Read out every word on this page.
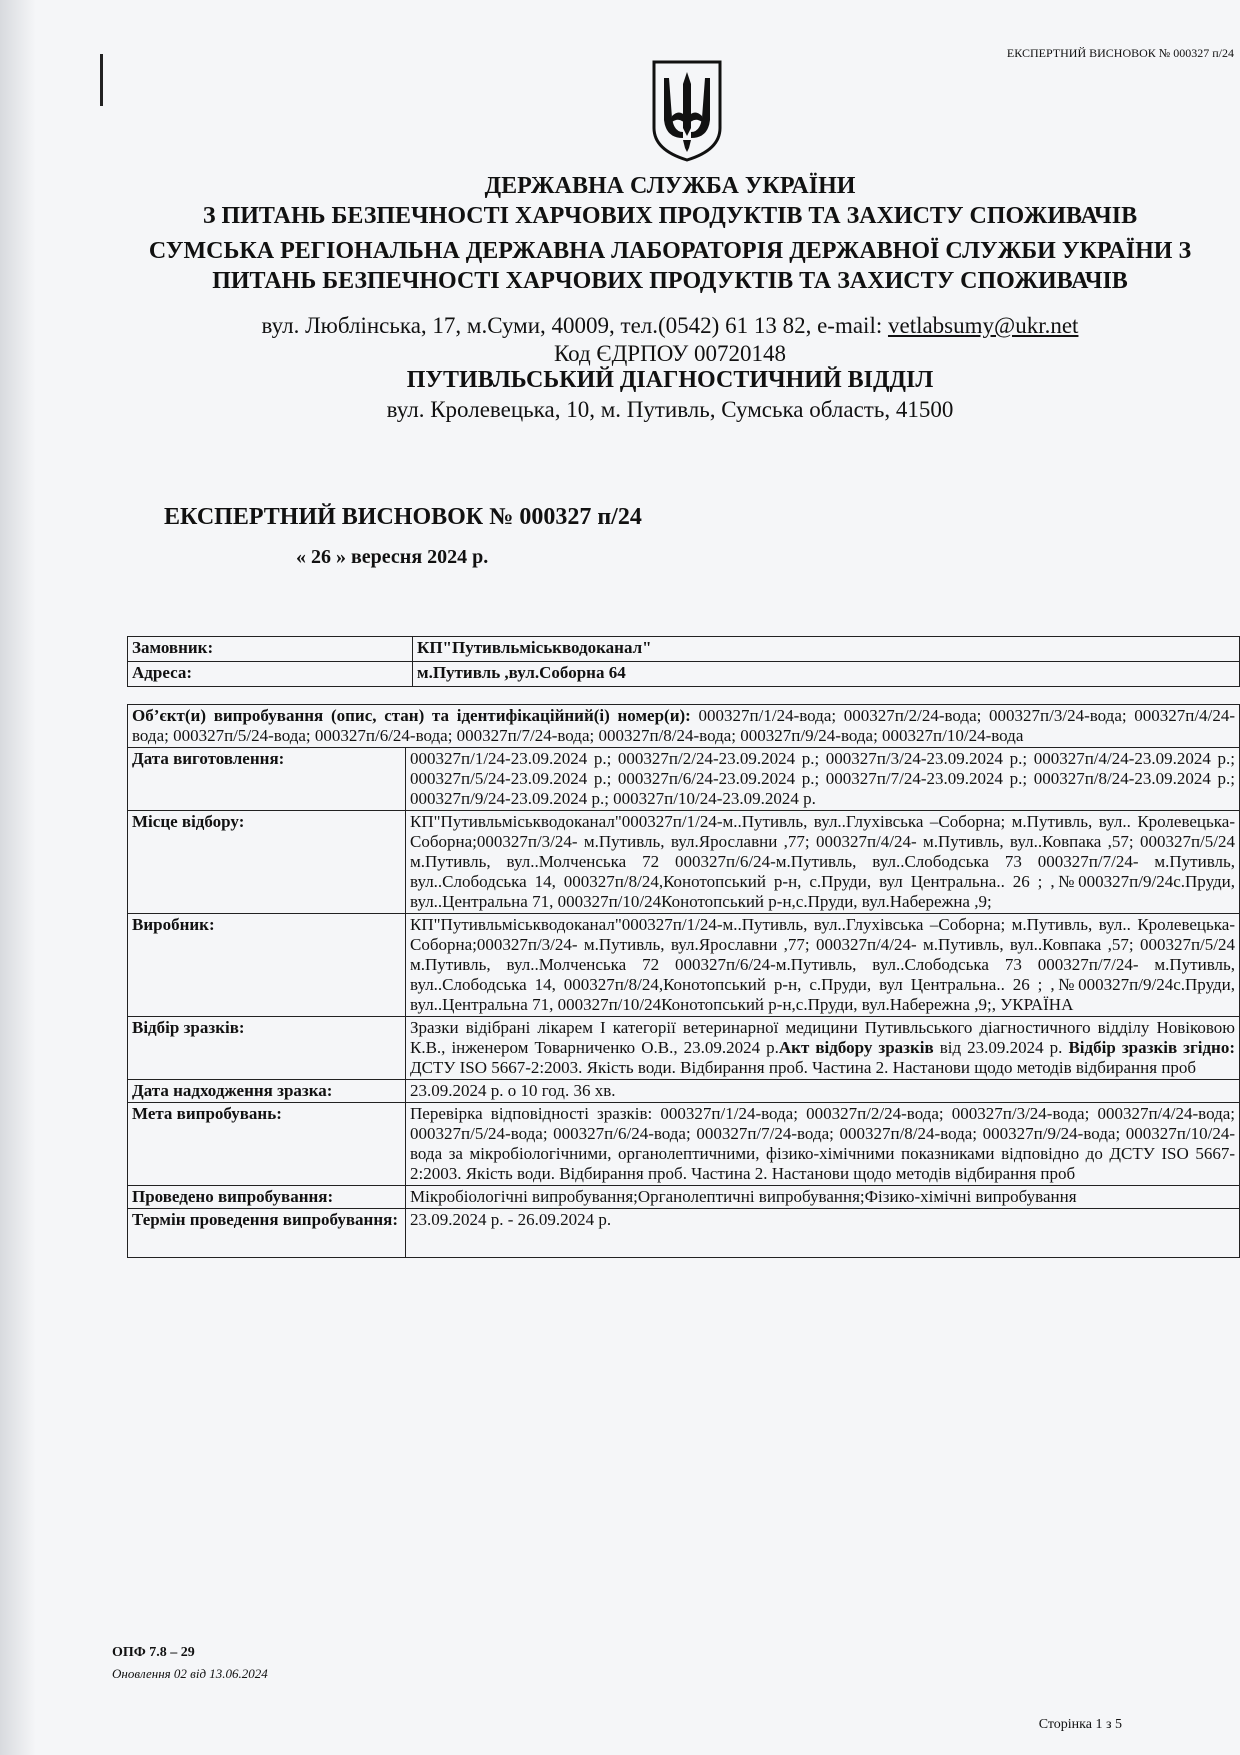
ЕКСПЕРТНИЙ ВИСНОВОК № 000327 п/24
ДЕРЖАВНА СЛУЖБА УКРАЇНИ
З ПИТАНЬ БЕЗПЕЧНОСТІ ХАРЧОВИХ ПРОДУКТІВ ТА ЗАХИСТУ СПОЖИВАЧІВ
СУМСЬКА РЕГІОНАЛЬНА ДЕРЖАВНА ЛАБОРАТОРІЯ ДЕРЖАВНОЇ СЛУЖБИ УКРАЇНИ З
ПИТАНЬ БЕЗПЕЧНОСТІ ХАРЧОВИХ ПРОДУКТІВ ТА ЗАХИСТУ СПОЖИВАЧІВ
вул. Люблінська, 17, м.Суми, 40009, тел.(0542) 61 13 82, e-mail: vetlabsumy@ukr.net
Код ЄДРПОУ 00720148
ПУТИВЛЬСЬКИЙ ДІАГНОСТИЧНИЙ ВІДДІЛ
вул. Кролевецька, 10, м. Путивль, Сумська область, 41500
ЕКСПЕРТНИЙ ВИСНОВОК № 000327 п/24
« 26 » вересня 2024 р.
Замовник:	КП"Путивльміськводоканал"
Адреса:	м.Путивль ,вул.Соборна 64
Об’єкт(и) випробування (опис, стан) та ідентифікаційний(і) номер(и): 000327п/1/24-вода; 000327п/2/24-вода; 000327п/3/24-вода; 000327п/4/24-вода; 000327п/5/24-вода; 000327п/6/24-вода; 000327п/7/24-вода; 000327п/8/24-вода; 000327п/9/24-вода; 000327п/10/24-вода	
Дата виготовлення:	000327п/1/24-23.09.2024 р.; 000327п/2/24-23.09.2024 р.; 000327п/3/24-23.09.2024 р.; 000327п/4/24-23.09.2024 р.; 000327п/5/24-23.09.2024 р.; 000327п/6/24-23.09.2024 р.; 000327п/7/24-23.09.2024 р.; 000327п/8/24-23.09.2024 р.; 000327п/9/24-23.09.2024 р.; 000327п/10/24-23.09.2024 р.
Місце відбору:	КП"Путивльміськводоканал"000327п/1/24-м..Путивль, вул..Глухівська –Соборна; м.Путивль, вул.. Кролевецька-Соборна;000327п/3/24- м.Путивль, вул.Ярославни ,77; 000327п/4/24- м.Путивль, вул..Ковпака ,57; 000327п/5/24 м.Путивль, вул..Молченська 72 000327п/6/24-м.Путивль, вул..Слободська 73 000327п/7/24- м.Путивль, вул..Слободська 14, 000327п/8/24,Конотопський р-н, с.Пруди, вул Центральна.. 26 ; ,№000327п/9/24с.Пруди, вул..Центральна 71, 000327п/10/24Конотопський р-н,с.Пруди, вул.Набережна ,9;
Виробник:	КП"Путивльміськводоканал"000327п/1/24-м..Путивль, вул..Глухівська –Соборна; м.Путивль, вул.. Кролевецька-Соборна;000327п/3/24- м.Путивль, вул.Ярославни ,77; 000327п/4/24- м.Путивль, вул..Ковпака ,57; 000327п/5/24 м.Путивль, вул..Молченська 72 000327п/6/24-м.Путивль, вул..Слободська 73 000327п/7/24- м.Путивль, вул..Слободська 14, 000327п/8/24,Конотопський р-н, с.Пруди, вул Центральна.. 26 ; ,№000327п/9/24с.Пруди, вул..Центральна 71, 000327п/10/24Конотопський р-н,с.Пруди, вул.Набережна ,9;, УКРАЇНА
Відбір зразків:	Зразки відібрані лікарем І категорії ветеринарної медицини Путивльського діагностичного відділу Новіковою К.В., інженером Товарниченко О.В., 23.09.2024 р.Акт відбору зразків від 23.09.2024 р. Відбір зразків згідно: ДСТУ ISO 5667-2:2003. Якість води. Відбирання проб. Частина 2. Настанови щодо методів відбирання проб
Дата надходження зразка:	23.09.2024 р. о 10 год. 36 хв.
Мета випробувань:	Перевірка відповідності зразків: 000327п/1/24-вода; 000327п/2/24-вода; 000327п/3/24-вода; 000327п/4/24-вода; 000327п/5/24-вода; 000327п/6/24-вода; 000327п/7/24-вода; 000327п/8/24-вода; 000327п/9/24-вода; 000327п/10/24-вода за мікробіологічними, органолептичними, фізико-хімічними показниками відповідно до ДСТУ ISO 5667-2:2003. Якість води. Відбирання проб. Частина 2. Настанови щодо методів відбирання проб
Проведено випробування:	Мікробіологічні випробування;Органолептичні випробування;Фізико-хімічні випробування
Термін проведення випробування:	23.09.2024 р. - 26.09.2024 р.
ОПФ 7.8 – 29
Оновлення 02 від 13.06.2024
Сторінка 1 з 5
